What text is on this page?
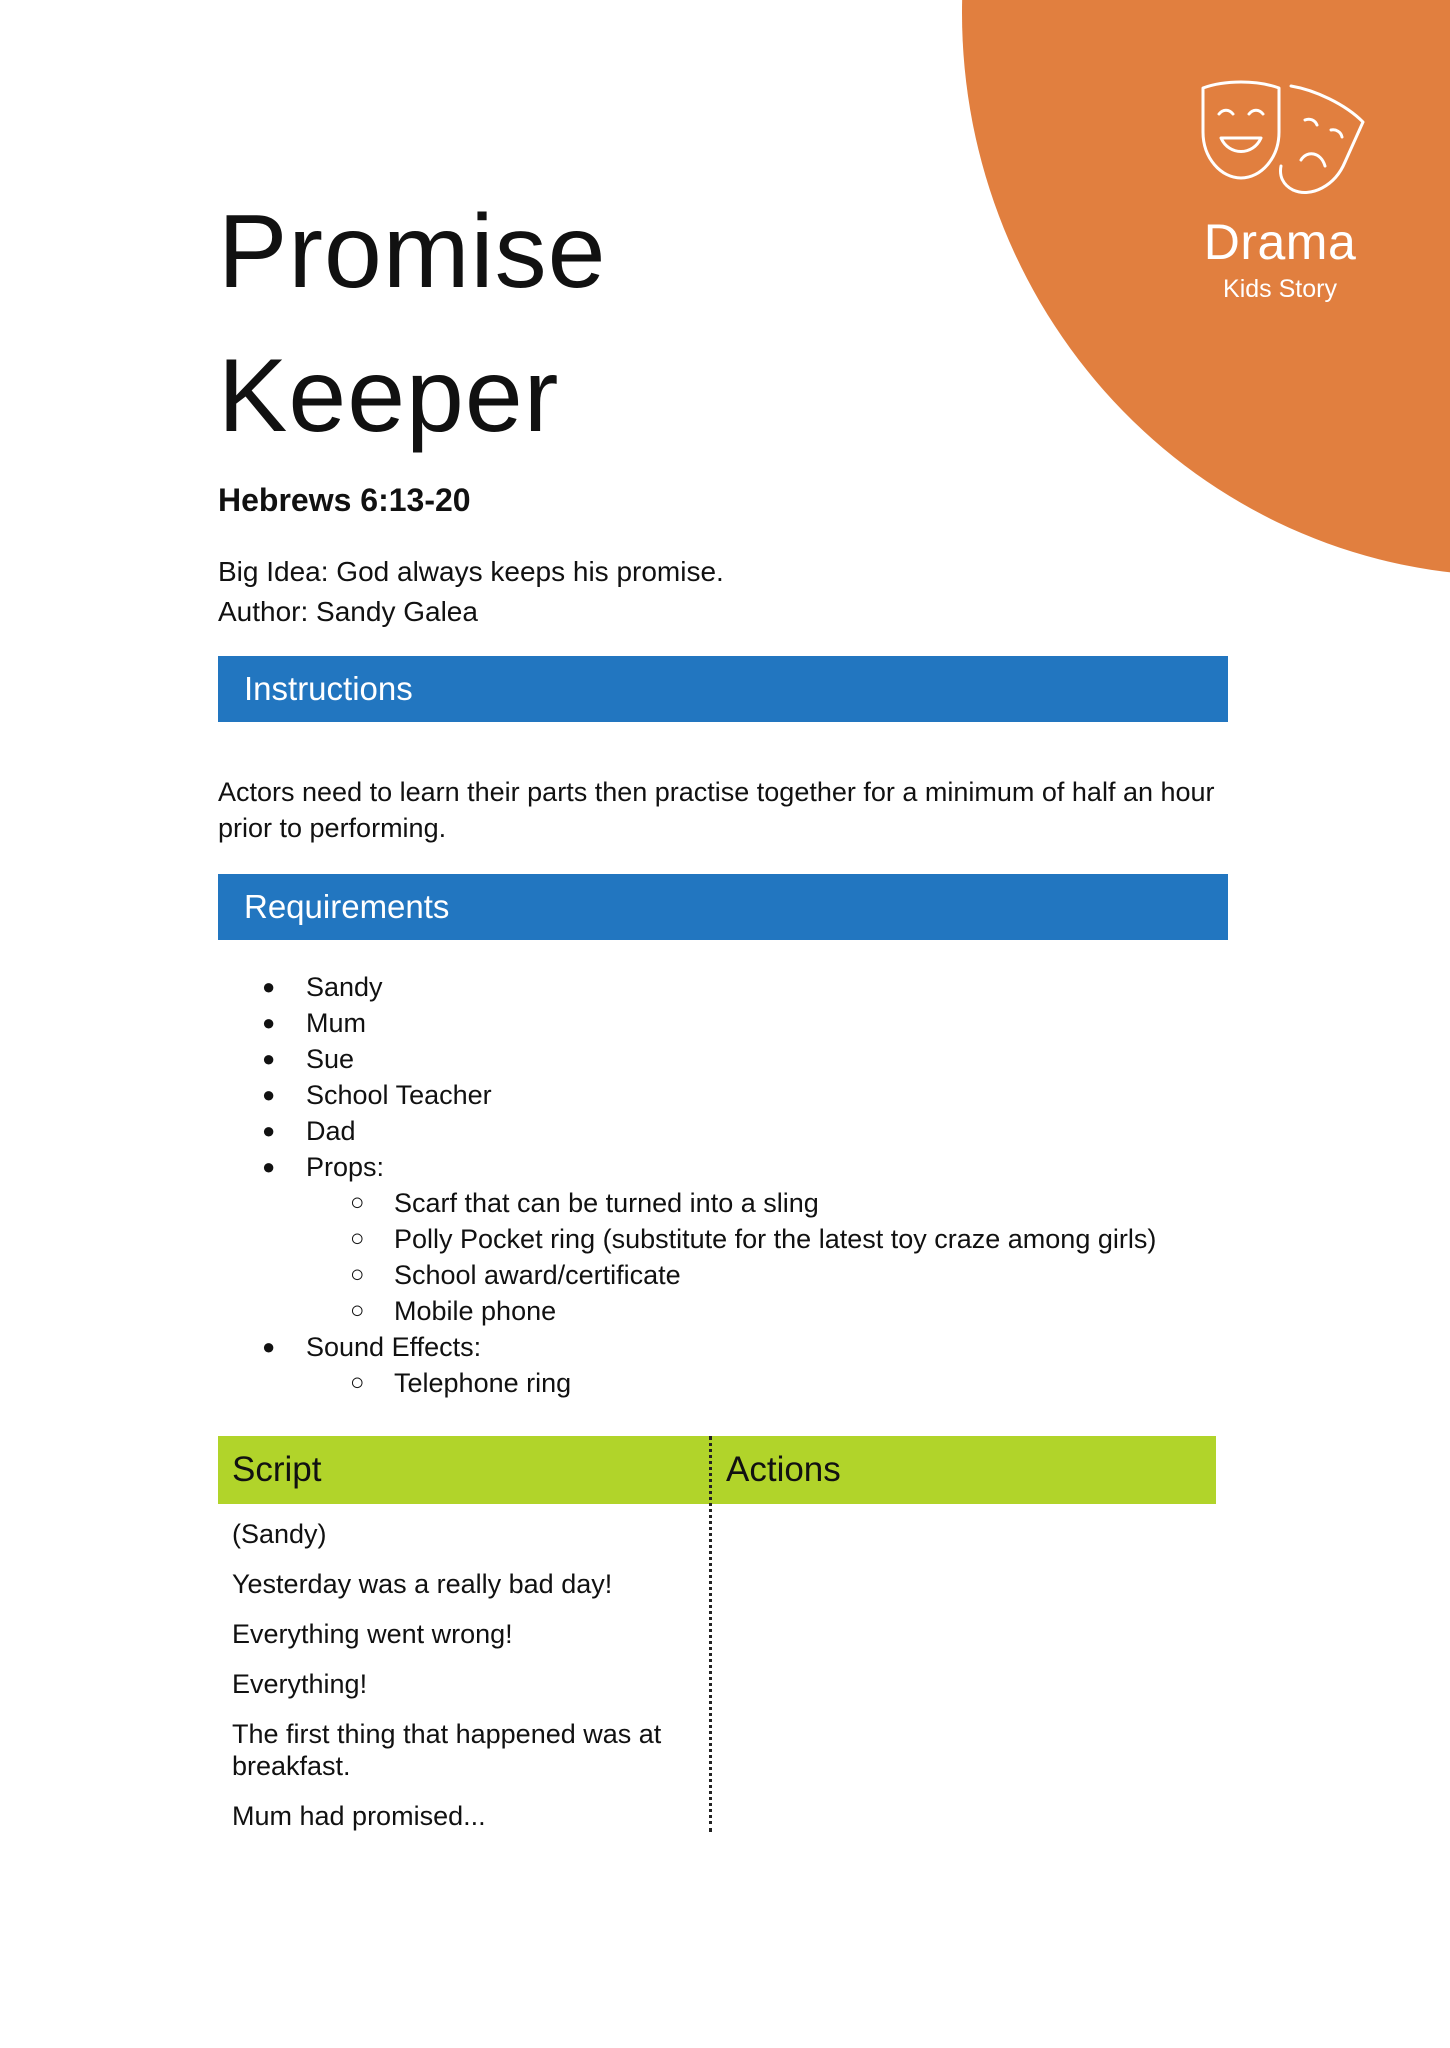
Drama
Kids Story
Promise
Keeper
Hebrews 6:13-20
Big Idea: God always keeps his promise.
Author: Sandy Galea
Instructions
Actors need to learn their parts then practise together for a minimum of half an hour prior to performing.
Requirements
● Sandy
● Mum
● Sue
● School Teacher
● Dad
● Props:
○ Scarf that can be turned into a sling
○ Polly Pocket ring (substitute for the latest toy craze among girls)
○ School award/certificate
○ Mobile phone
● Sound Effects:
○ Telephone ring
Script	Actions
(Sandy)
Yesterday was a really bad day!
Everything went wrong!
Everything!
The first thing that happened was at breakfast.
Mum had promised...
